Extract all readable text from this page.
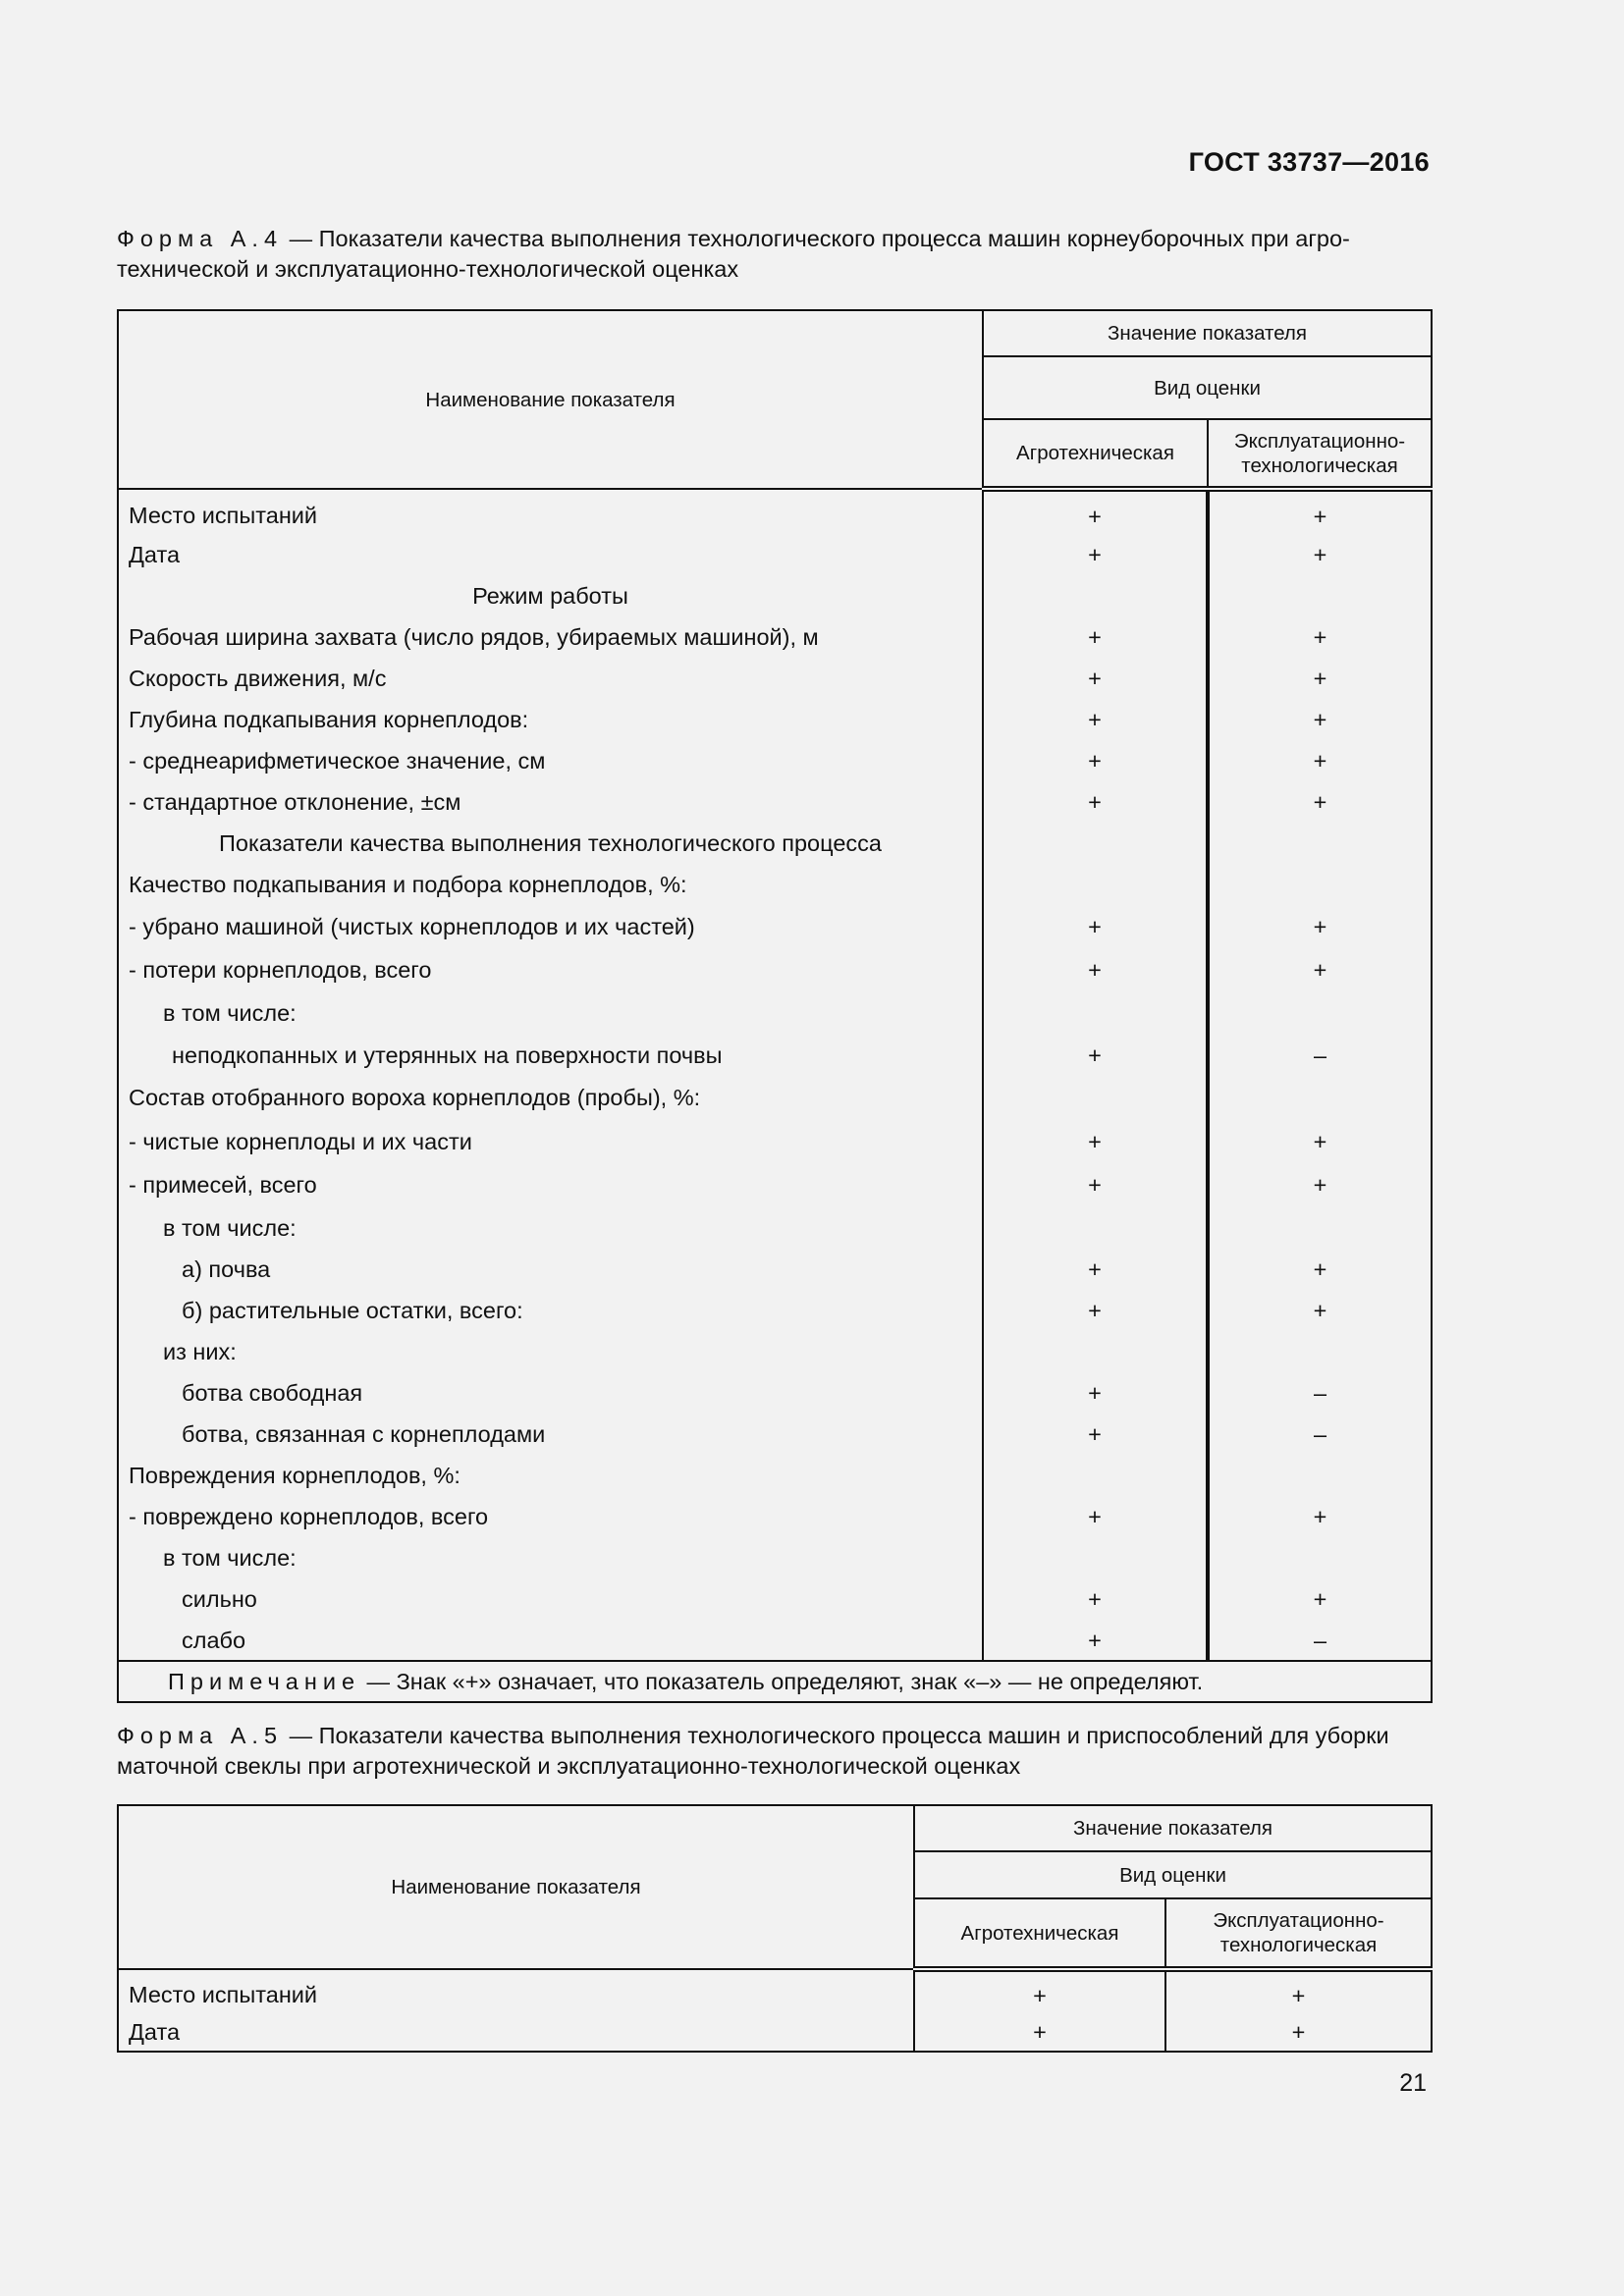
ГОСТ 33737—2016
Форма А.4 — Показатели качества выполнения технологического процесса машин корнеуборочных при агро-технической и эксплуатационно-технологической оценках
Наименование показателя	Значение показателя	
	Вид оценки	
	Агротехническая	Эксплуатационно-технологическая
Место испытаний	+	+
Дата	+	+
Режим работы		
Рабочая ширина захвата (число рядов, убираемых машиной), м	+	+
Скорость движения, м/с	+	+
Глубина подкапывания корнеплодов:	+	+
- среднеарифметическое значение, см	+	+
- стандартное отклонение, ±см	+	+
Показатели качества выполнения технологического процесса		
Качество подкапывания и подбора корнеплодов, %:		
- убрано машиной (чистых корнеплодов и их частей)	+	+
- потери корнеплодов, всего	+	+
в том числе:		
неподкопанных и утерянных на поверхности почвы	+	–
Состав отобранного вороха корнеплодов (пробы), %:		
- чистые корнеплоды и их части	+	+
- примесей, всего	+	+
в том числе:		
а) почва	+	+
б) растительные остатки, всего:	+	+
из них:		
ботва свободная	+	–
ботва, связанная с корнеплодами	+	–
Повреждения корнеплодов, %:		
- повреждено корнеплодов, всего	+	+
в том числе:		
сильно	+	+
слабо	+	–
Примечание — Знак «+» означает, что показатель определяют, знак «–» — не определяют.		
Форма А.5 — Показатели качества выполнения технологического процесса машин и приспособлений для уборки маточной свеклы при агротехнической и эксплуатационно-технологической оценках
Наименование показателя	Значение показателя	
	Вид оценки	
	Агротехническая	Эксплуатационно-технологическая
Место испытаний	+	+
Дата	+	+
21
